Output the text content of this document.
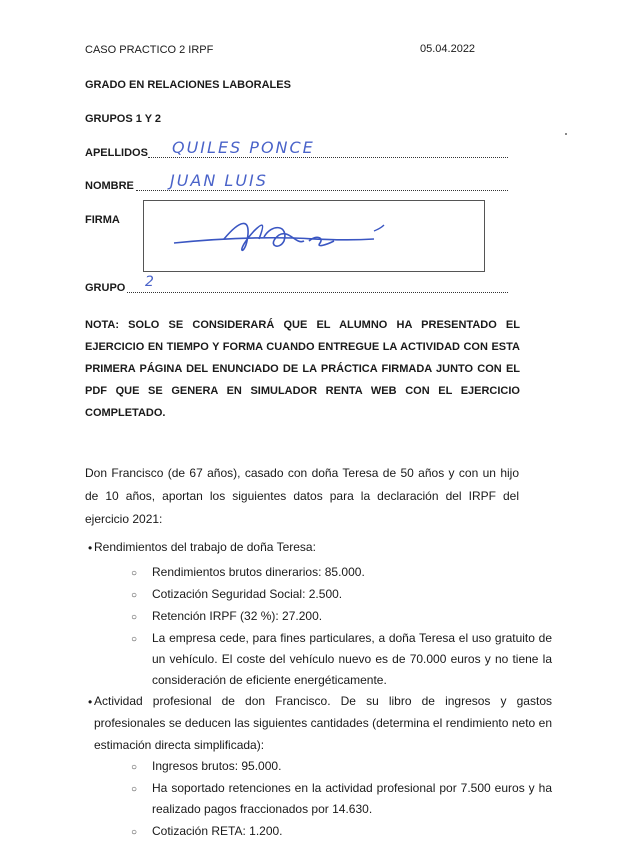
CASO PRACTICO 2 IRPF	05.04.2022
GRADO EN RELACIONES LABORALES
GRUPOS 1 Y 2
APELLIDOS QUILES PONCE
NOMBRE JUAN LUIS
FIRMA
GRUPO 2
NOTA: SOLO SE CONSIDERARÁ QUE EL ALUMNO HA PRESENTADO EL EJERCICIO EN TIEMPO Y FORMA CUANDO ENTREGUE LA ACTIVIDAD CON ESTA PRIMERA PÁGINA DEL ENUNCIADO DE LA PRÁCTICA FIRMADA JUNTO CON EL PDF QUE SE GENERA EN SIMULADOR RENTA WEB CON EL EJERCICIO COMPLETADO.
Don Francisco (de 67 años), casado con doña Teresa de 50 años y con un hijo de 10 años, aportan los siguientes datos para la declaración del IRPF del ejercicio 2021:
• Rendimientos del trabajo de doña Teresa:
○ Rendimientos brutos dinerarios: 85.000.
○ Cotización Seguridad Social: 2.500.
○ Retención IRPF (32 %): 27.200.
○ La empresa cede, para fines particulares, a doña Teresa el uso gratuito de un vehículo. El coste del vehículo nuevo es de 70.000 euros y no tiene la consideración de eficiente energéticamente.
• Actividad profesional de don Francisco. De su libro de ingresos y gastos profesionales se deducen las siguientes cantidades (determina el rendimiento neto en estimación directa simplificada):
○ Ingresos brutos: 95.000.
○ Ha soportado retenciones en la actividad profesional por 7.500 euros y ha realizado pagos fraccionados por 14.630.
○ Cotización RETA: 1.200.
